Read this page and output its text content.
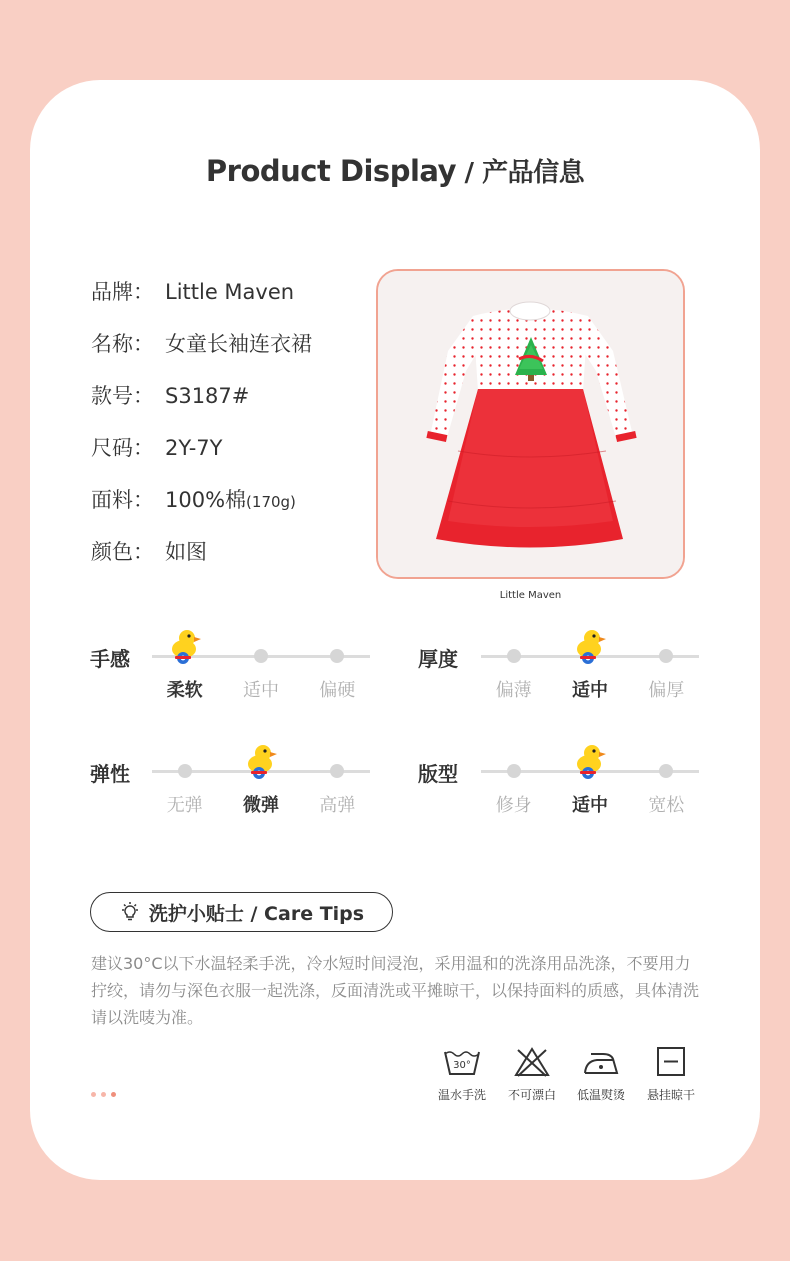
Product Display / 产品信息
品牌： Little Maven
名称： 女童长袖连衣裙
款号： S3187#
尺码： 2Y-7Y
面料： 100%棉(170g)
颜色： 如图
Little Maven
手感
柔软	适中	偏硬
厚度
偏薄	适中	偏厚
弹性
无弹	微弹	高弹
版型
修身	适中	宽松
洗护小贴士 / Care Tips
建议30°C以下水温轻柔手洗，冷水短时间浸泡，采用温和的洗涤用品洗涤，不要用力拧绞，请勿与深色衣服一起洗涤，反面清洗或平摊晾干，以保持面料的质感，具体清洗请以洗唛为准。
30°
温水手洗	不可漂白	低温熨烫	悬挂晾干
